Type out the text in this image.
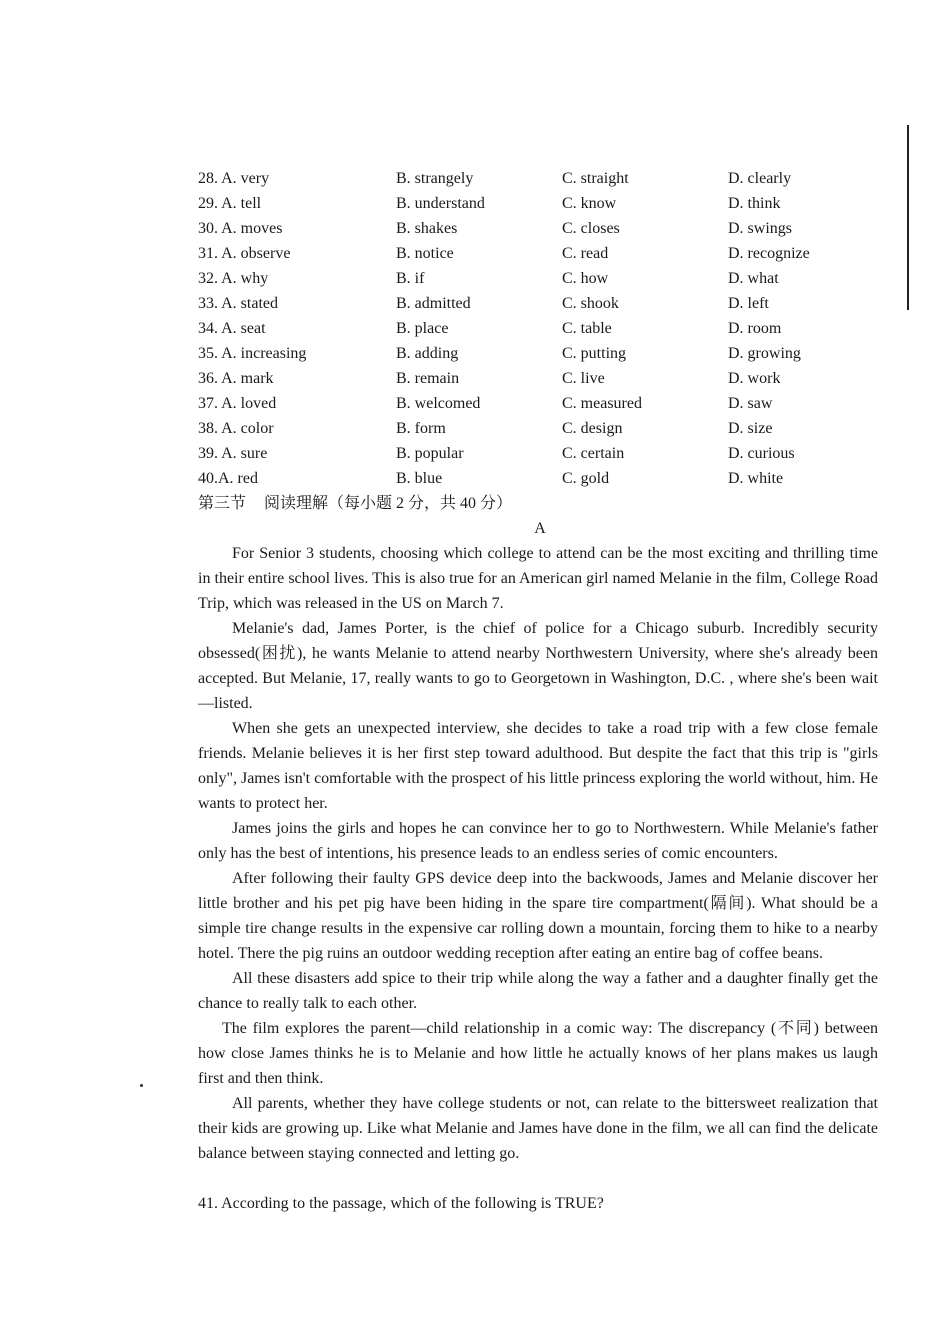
28. A. very	B. strangely	C. straight	D. clearly
29. A. tell	B. understand	C. know	D. think
30. A. moves	B. shakes	C. closes	D. swings
31. A. observe	B. notice	C. read	D. recognize
32. A. why	B. if	C. how	D. what
33. A. stated	B. admitted	C. shook	D. left
34. A. seat	B. place	C. table	D. room
35. A. increasing	B. adding	C. putting	D. growing
36. A. mark	B. remain	C. live	D. work
37. A. loved	B. welcomed	C. measured	D. saw
38. A. color	B. form	C. design	D. size
39. A. sure	B. popular	C. certain	D. curious
40.A. red	B. blue	C. gold	D. white
第三节 阅读理解（每小题 2 分，共 40 分）
A

For Senior 3 students, choosing which college to attend can be the most exciting and thrilling time in their entire school lives. This is also true for an American girl named Melanie in the film, College Road Trip, which was released in the US on March 7.

Melanie's dad, James Porter, is the chief of police for a Chicago suburb. Incredibly security obsessed(困扰), he wants Melanie to attend nearby Northwestern University, where she's already been accepted. But Melanie, 17, really wants to go to Georgetown in Washington, D.C. , where she's been wait—listed.

When she gets an unexpected interview, she decides to take a road trip with a few close female friends. Melanie believes it is her first step toward adulthood. But despite the fact that this trip is "girls only", James isn't comfortable with the prospect of his little princess exploring the world without, him. He wants to protect her.

James joins the girls and hopes he can convince her to go to Northwestern. While Melanie's father only has the best of intentions, his presence leads to an endless series of comic encounters.

After following their faulty GPS device deep into the backwoods, James and Melanie discover her little brother and his pet pig have been hiding in the spare tire compartment(隔间). What should be a simple tire change results in the expensive car rolling down a mountain, forcing them to hike to a nearby hotel. There the pig ruins an outdoor wedding reception after eating an entire bag of coffee beans.

All these disasters add spice to their trip while along the way a father and a daughter finally get the chance to really talk to each other.

The film explores the parent—child relationship in a comic way: The discrepancy (不同) between how close James thinks he is to Melanie and how little he actually knows of her plans makes us laugh first and then think.

All parents, whether they have college students or not, can relate to the bittersweet realization that their kids are growing up. Like what Melanie and James have done in the film, we all can find the delicate balance between staying connected and letting go.

41. According to the passage, which of the following is TRUE?
